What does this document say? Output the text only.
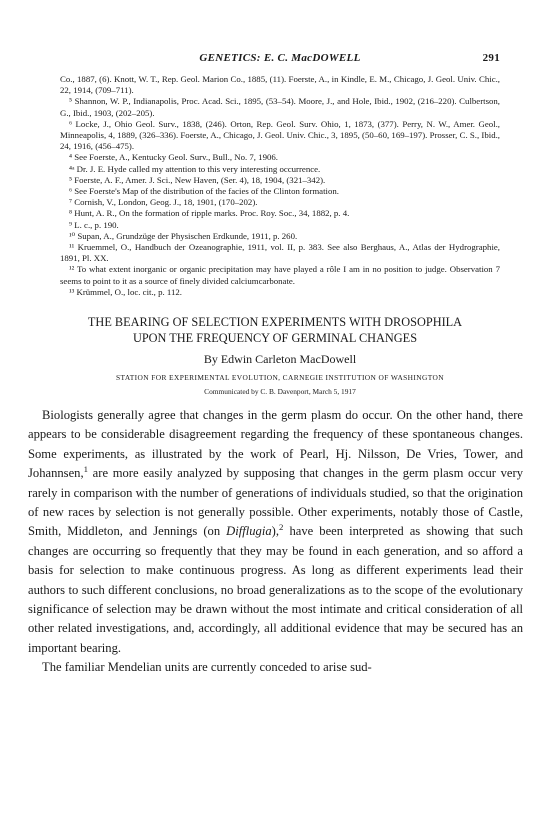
GENETICS: E. C. MacDOWELL	291

Co., 1887, (6). Knott, W. T., Rep. Geol. Marion Co., 1885, (11). Foerste, A., in Kindle, E. M., Chicago, J. Geol. Univ. Chic., 22, 1914, (709–711).

⁵ Shannon, W. P., Indianapolis, Proc. Acad. Sci., 1895, (53–54). Moore, J., and Hole, Ibid., 1902, (216–220). Culbertson, G., Ibid., 1903, (202–205).

⁶ Locke, J., Ohio Geol. Surv., 1838, (246). Orton, Rep. Geol. Surv. Ohio, 1, 1873, (377). Perry, N. W., Amer. Geol., Minneapolis, 4, 1889, (326–336). Foerste, A., Chicago, J. Geol. Univ. Chic., 3, 1895, (50–60, 169–197). Prosser, C. S., Ibid., 24, 1916, (456–475).

⁴ See Foerste, A., Kentucky Geol. Surv., Bull., No. 7, 1906.

⁴ᵃ Dr. J. E. Hyde called my attention to this very interesting occurrence.

⁵ Foerste, A. F., Amer. J. Sci., New Haven, (Ser. 4), 18, 1904, (321–342).

⁶ See Foerste's Map of the distribution of the facies of the Clinton formation.

⁷ Cornish, V., London, Geog. J., 18, 1901, (170–202).

⁸ Hunt, A. R., On the formation of ripple marks. Proc. Roy. Soc., 34, 1882, p. 4.

⁹ L. c., p. 190.

¹⁰ Supan, A., Grundzüge der Physischen Erdkunde, 1911, p. 260.

¹¹ Kruemmel, O., Handbuch der Ozeanographie, 1911, vol. II, p. 383. See also Berghaus, A., Atlas der Hydrographie, 1891, Pl. XX.

¹² To what extent inorganic or organic precipitation may have played a rôle I am in no position to judge. Observation 7 seems to point to it as a source of finely divided calciumcarbonate.

¹³ Krümmel, O., loc. cit., p. 112.

THE BEARING OF SELECTION EXPERIMENTS WITH DROSOPHILA
UPON THE FREQUENCY OF GERMINAL CHANGES
By Edwin Carleton MacDowell
STATION FOR EXPERIMENTAL EVOLUTION, CARNEGIE INSTITUTION OF WASHINGTON
Communicated by C. B. Davenport, March 5, 1917

Biologists generally agree that changes in the germ plasm do occur. On the other hand, there appears to be considerable disagreement regarding the frequency of these spontaneous changes. Some experiments, as illustrated by the work of Pearl, Hj. Nilsson, De Vries, Tower, and Johannsen,$^1$ are more easily analyzed by supposing that changes in the germ plasm occur very rarely in comparison with the number of generations of individuals studied, so that the origination of new races by selection is not generally possible. Other experiments, notably those of Castle, Smith, Middleton, and Jennings (on Difflugia),$^2$ have been interpreted as showing that such changes are occurring so frequently that they may be found in each generation, and so afford a basis for selection to make continuous progress. As long as different experiments lead their authors to such different conclusions, no broad generalizations as to the scope of the evolutionary significance of selection may be drawn without the most intimate and critical consideration of all other related investigations, and, accordingly, all additional evidence that may be secured has an important bearing.

The familiar Mendelian units are currently conceded to arise sud-
